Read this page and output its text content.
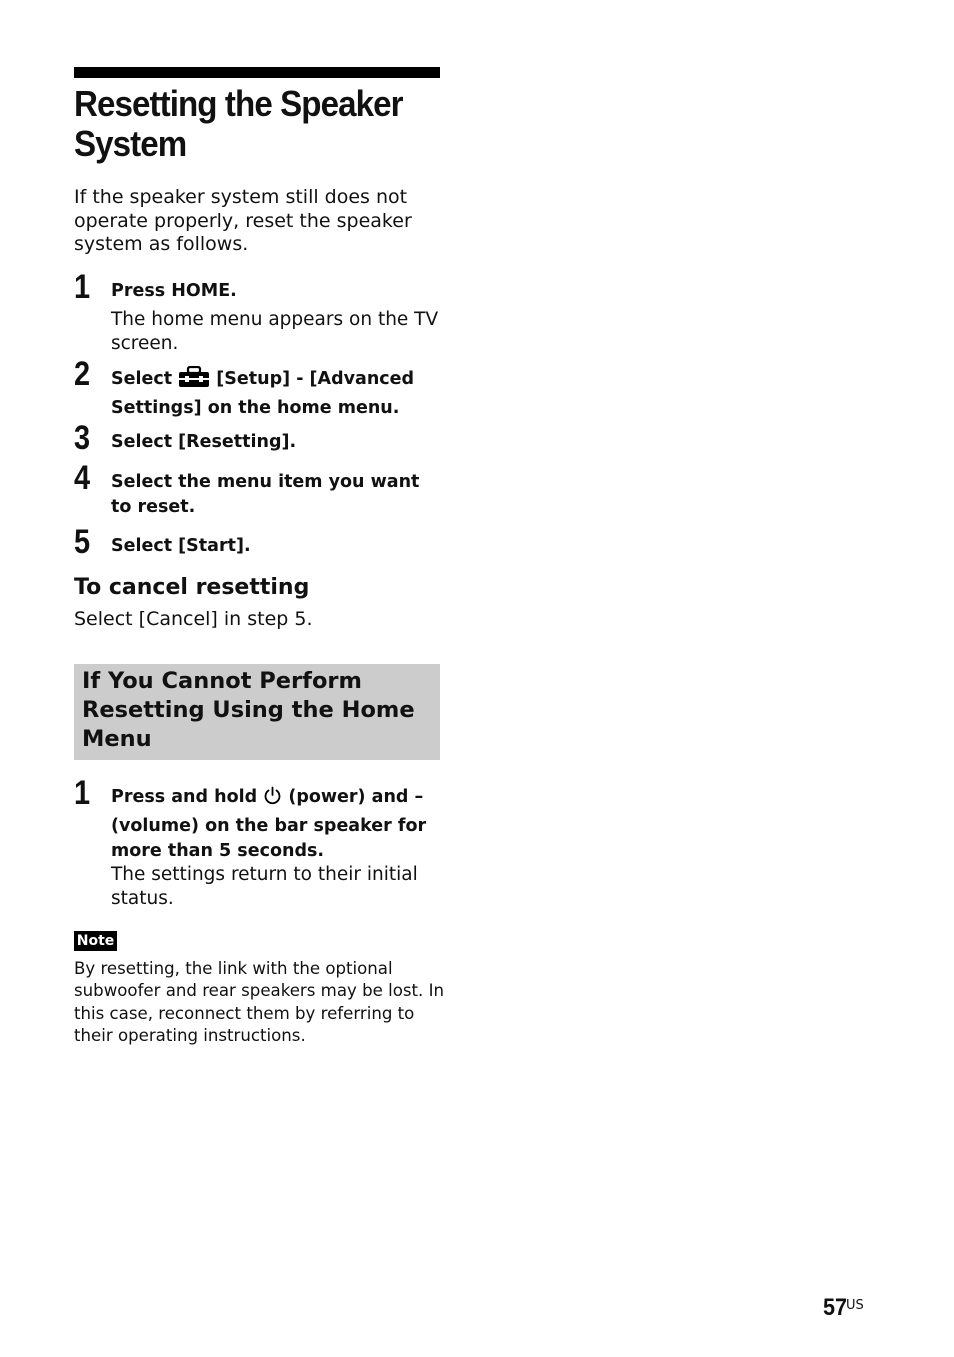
Resetting the Speaker System

If the speaker system still does not operate properly, reset the speaker system as follows.

1 Press HOME.

The home menu appears on the TV screen.

2 Select	[Setup] - [Advanced Settings] on the home menu.

3 Select [Resetting].

4 Select the menu item you want to reset.

5 Select [Start].

To cancel resetting

Select [Cancel] in step 5.

If You Cannot Perform Resetting Using the Home Menu
1 Press and hold (power) and – (volume) on the bar speaker for more than 5 seconds.

The settings return to their initial status.

Note

By resetting, the link with the optional subwoofer and rear speakers may be lost. In this case, reconnect them by referring to their operating instructions.

57
US
